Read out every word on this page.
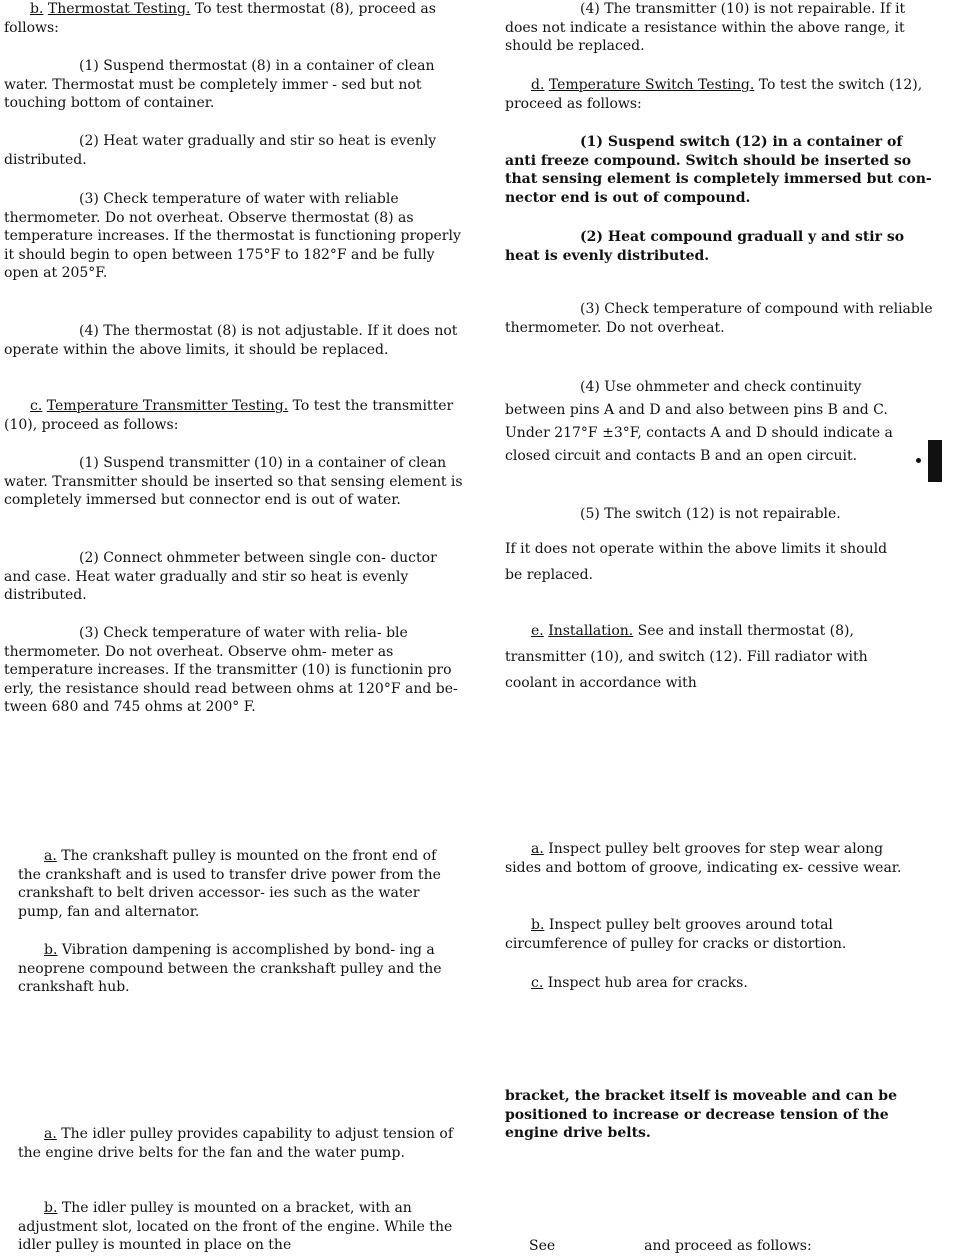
b. Thermostat Testing. To test thermostat (8), proceed as follows:

(1) Suspend thermostat (8) in a container of clean water. Thermostat must be completely immer - sed but not touching bottom of container.

(2) Heat water gradually and stir so heat is evenly distributed.

(3) Check temperature of water with reliable thermometer. Do not overheat. Observe thermostat (8) as temperature increases. If the thermostat is functioning properly it should begin to open between 175°F to 182°F and be fully open at 205°F.

(4) The thermostat (8) is not adjustable. If it does not operate within the above limits, it should be replaced.

c. Temperature Transmitter Testing. To test the transmitter (10), proceed as follows:

(1) Suspend transmitter (10) in a container of clean water. Transmitter should be inserted so that sensing element is completely immersed but connector end is out of water.

(2) Connect ohmmeter between single con- ductor and case. Heat water gradually and stir so heat is evenly distributed.

(3) Check temperature of water with relia- ble thermometer. Do not overheat. Observe ohm- meter as temperature increases. If the transmitter (10) is functionin pro erly, the resistance should read between ohms at 120°F and be- tween 680 and 745 ohms at 200° F.

(4) The transmitter (10) is not repairable. If it does not indicate a resistance within the above range, it should be replaced.

d. Temperature Switch Testing. To test the switch (12), proceed as follows:

(1) Suspend switch (12) in a container of anti freeze compound. Switch should be inserted so that sensing element is completely immersed but con- nector end is out of compound.

(2) Heat compound graduall y and stir so heat is evenly distributed.

(3) Check temperature of compound with reliable thermometer. Do not overheat.

(4) Use ohmmeter and check continuity between pins A and D and also between pins B and C. Under 217°F ±3°F, contacts A and D should indicate a closed circuit and contacts B and an open circuit.

(5) The switch (12) is not repairable.

If it does not operate within the above limits it should be replaced.

e. Installation. See and install thermostat (8), transmitter (10), and switch (12). Fill radiator with coolant in accordance with

a. The crankshaft pulley is mounted on the front end of the crankshaft and is used to transfer drive power from the crankshaft to belt driven accessor- ies such as the water pump, fan and alternator.

b. Vibration dampening is accomplished by bond- ing a neoprene compound between the crankshaft pulley and the crankshaft hub.

a. Inspect pulley belt grooves for step wear along sides and bottom of groove, indicating ex- cessive wear.

b. Inspect pulley belt grooves around total circumference of pulley for cracks or distortion.

c. Inspect hub area for cracks.

a. The idler pulley provides capability to adjust tension of the engine drive belts for the fan and the water pump.

b. The idler pulley is mounted on a bracket, with an adjustment slot, located on the front of the engine. While the idler pulley is mounted in place on the

bracket, the bracket itself is moveable and can be positioned to increase or decrease tension of the engine drive belts.

See                    and proceed as follows:
